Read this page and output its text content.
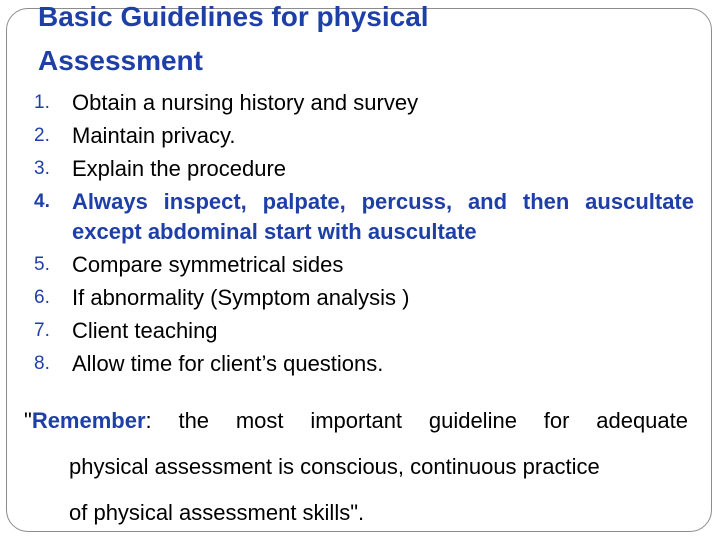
Basic Guidelines for physical
Assessment
1.	Obtain a nursing history and survey
2.	Maintain privacy.
3.	Explain the procedure
4.	Always inspect, palpate, percuss, and then auscultate except abdominal start with auscultate
5.	Compare symmetrical sides
6.	If abnormality (Symptom analysis )
7.	Client teaching
8.	Allow time for client’s questions.

"Remember: the most important guideline for adequate
physical assessment is conscious, continuous practice
of physical assessment skills".
